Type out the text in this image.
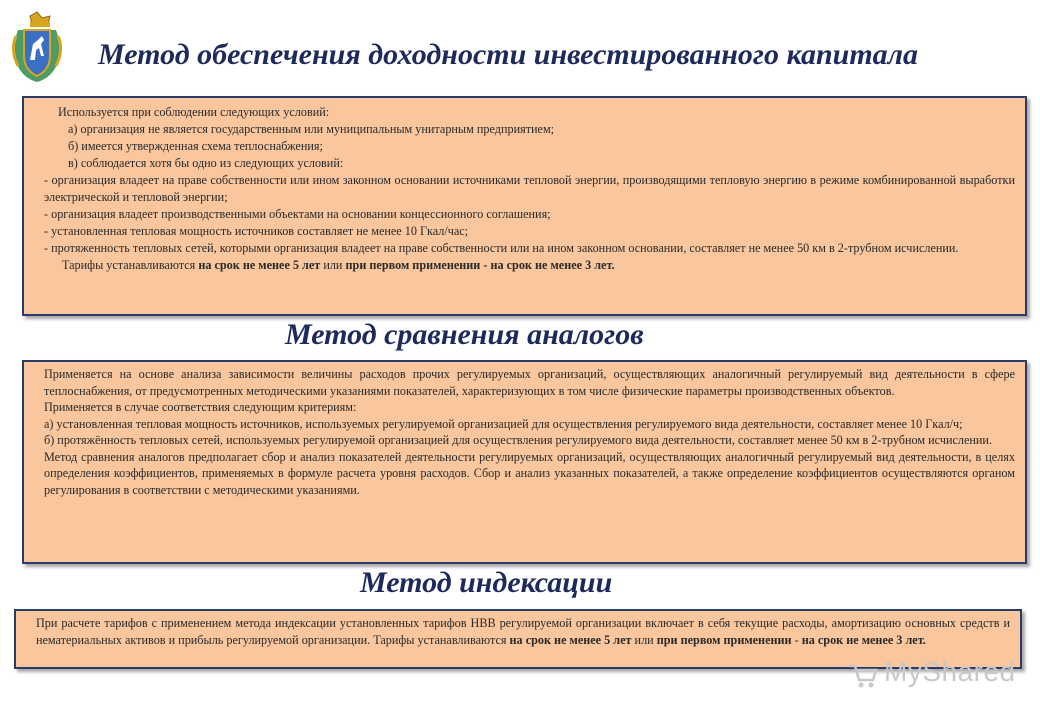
Метод обеспечения доходности инвестированного капитала

Используется при соблюдении следующих условий:

а) организация не является государственным или муниципальным унитарным предприятием;

б) имеется утвержденная схема теплоснабжения;

в) соблюдается хотя бы одно из следующих условий:

- организация владеет на праве собственности или ином законном основании источниками тепловой энергии, производящими тепловую энергию в режиме комбинированной выработки электрической и тепловой энергии;

- организация владеет производственными объектами на основании концессионного соглашения;

- установленная тепловая мощность источников составляет не менее 10 Гкал/час;

- протяженность тепловых сетей, которыми организация владеет на праве собственности или на ином законном основании, составляет не менее 50 км в 2-трубном исчислении.

Тарифы устанавливаются на срок не менее 5 лет или при первом применении - на срок не менее 3 лет.

Метод сравнения аналогов

Применяется на основе анализа зависимости величины расходов прочих регулируемых организаций, осуществляющих аналогичный регулируемый вид деятельности в сфере теплоснабжения, от предусмотренных методическими указаниями показателей, характеризующих в том числе физические параметры производственных объектов.

Применяется в случае соответствия следующим критериям:

а) установленная тепловая мощность источников, используемых регулируемой организацией для осуществления регулируемого вида деятельности, составляет менее 10 Гкал/ч;

б) протяжённость тепловых сетей, используемых регулируемой организацией для осуществления регулируемого вида деятельности, составляет менее 50 км в 2-трубном исчислении.

Метод сравнения аналогов предполагает сбор и анализ показателей деятельности регулируемых организаций, осуществляющих аналогичный регулируемый вид деятельности, в целях определения коэффициентов, применяемых в формуле расчета уровня расходов. Сбор и анализ указанных показателей, а также определение коэффициентов осуществляются органом регулирования в соответствии с методическими указаниями.

Метод индексации

При расчете тарифов с применением метода индексации установленных тарифов НВВ регулируемой организации включает в себя текущие расходы, амортизацию основных средств и нематериальных активов и прибыль регулируемой организации. Тарифы устанавливаются на срок не менее 5 лет или при первом применении - на срок не менее 3 лет.

MyShared
